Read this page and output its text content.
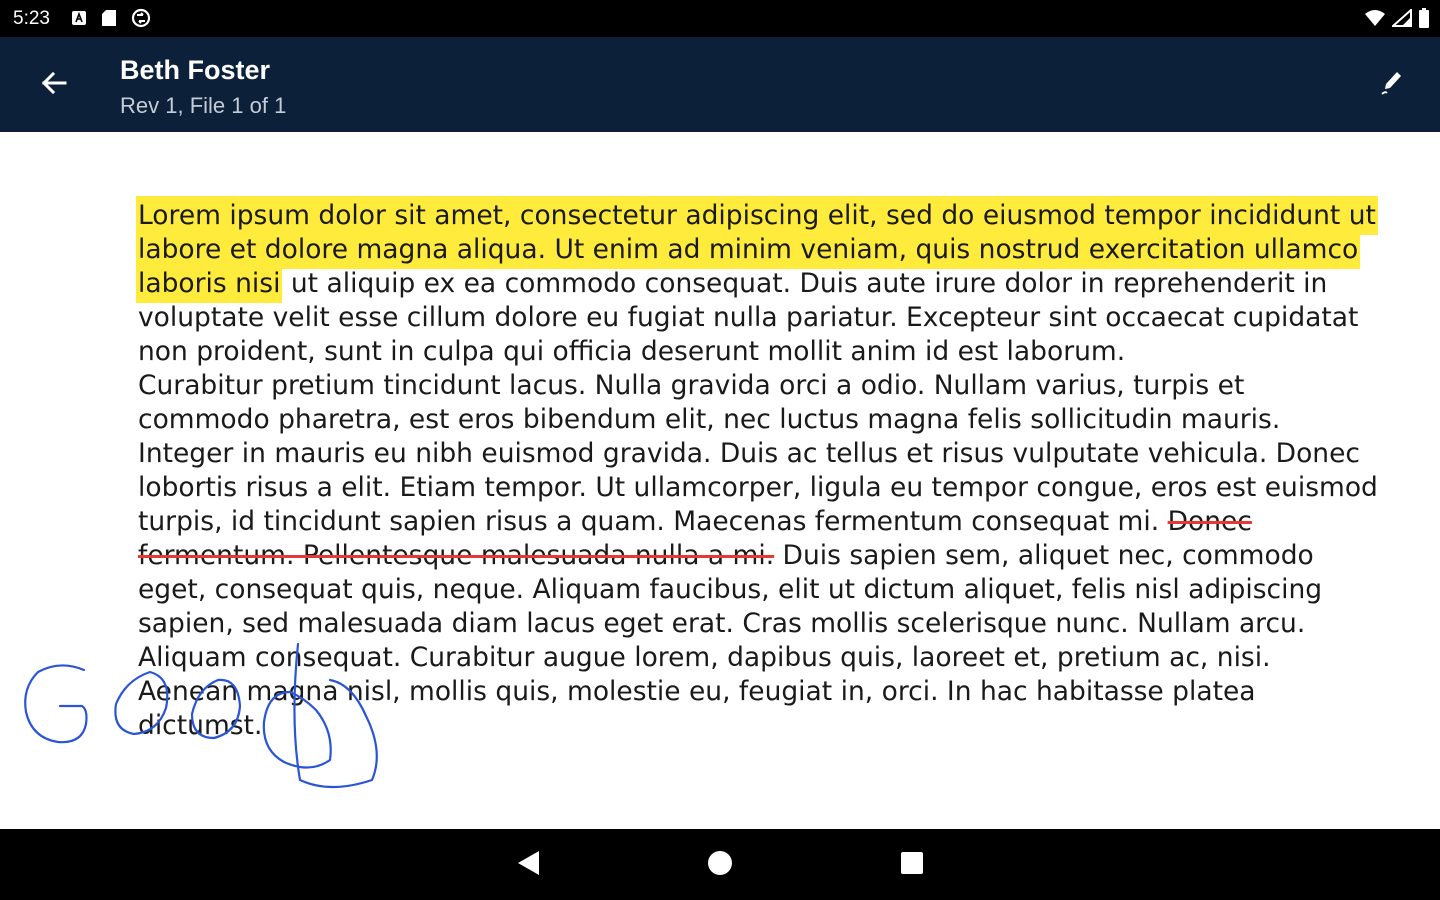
5:23
Beth Foster
Rev 1, File 1 of 1

Lorem ipsum dolor sit amet, consectetur adipiscing elit, sed do eiusmod tempor incididunt ut labore et dolore magna aliqua. Ut enim ad minim veniam, quis nostrud exercitation ullamco laboris nisi ut aliquip ex ea commodo consequat. Duis aute irure dolor in reprehenderit in voluptate velit esse cillum dolore eu fugiat nulla pariatur. Excepteur sint occaecat cupidatat non proident, sunt in culpa qui officia deserunt mollit anim id est laborum.

Curabitur pretium tincidunt lacus. Nulla gravida orci a odio. Nullam varius, turpis et commodo pharetra, est eros bibendum elit, nec luctus magna felis sollicitudin mauris. Integer in mauris eu nibh euismod gravida. Duis ac tellus et risus vulputate vehicula. Donec lobortis risus a elit. Etiam tempor. Ut ullamcorper, ligula eu tempor congue, eros est euismod turpis, id tincidunt sapien risus a quam. Maecenas fermentum consequat mi. Donec fermentum. Pellentesque malesuada nulla a mi. Duis sapien sem, aliquet nec, commodo eget, consequat quis, neque. Aliquam faucibus, elit ut dictum aliquet, felis nisl adipiscing sapien, sed malesuada diam lacus eget erat. Cras mollis scelerisque nunc. Nullam arcu. Aliquam consequat. Curabitur augue lorem, dapibus quis, laoreet et, pretium ac, nisi. Aenean magna nisl, mollis quis, molestie eu, feugiat in, orci. In hac habitasse platea dictumst.
